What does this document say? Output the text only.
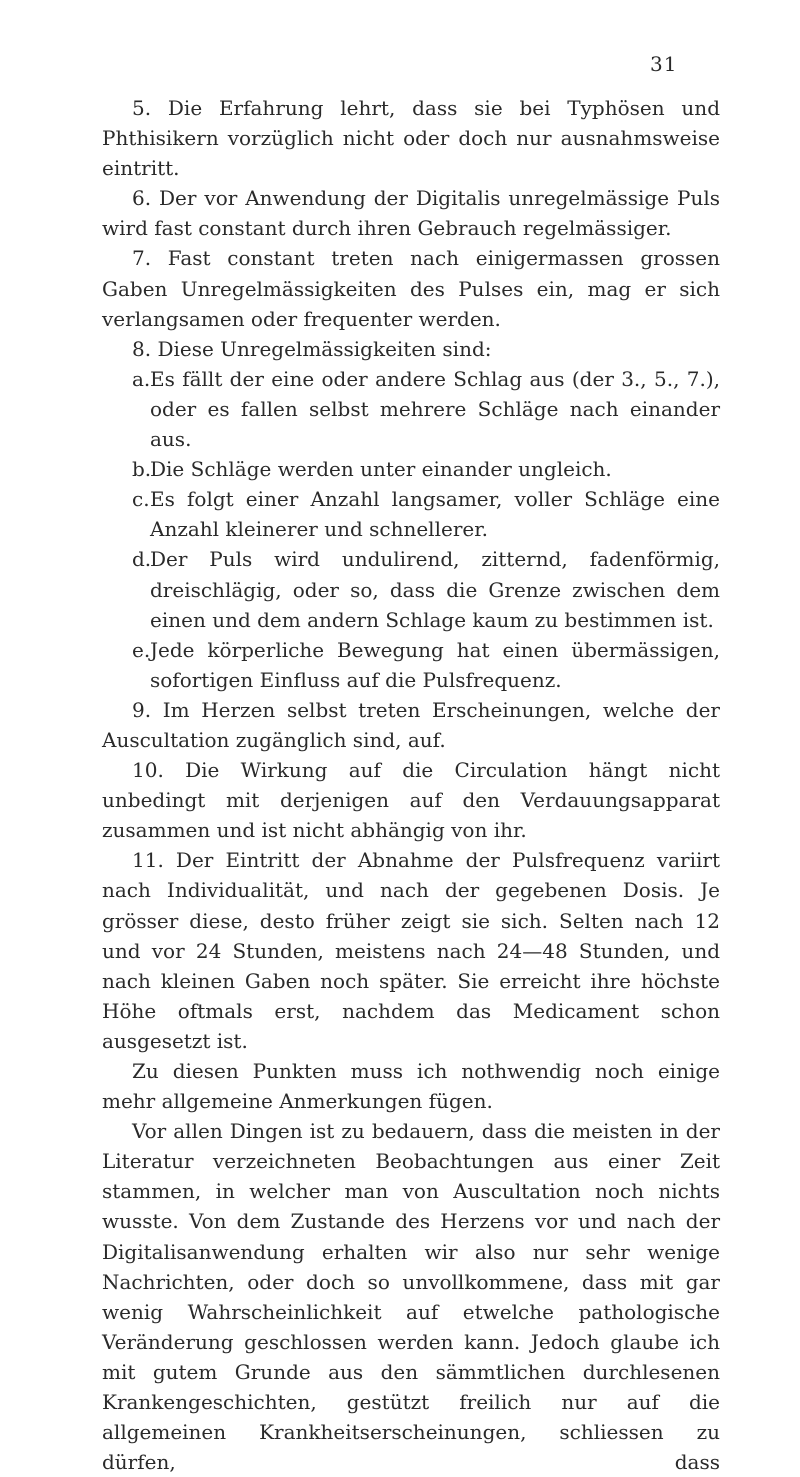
31

5. Die Erfahrung lehrt, dass sie bei Typhösen und Phthisikern vorzüglich nicht oder doch nur ausnahmsweise eintritt.

6. Der vor Anwendung der Digitalis unregelmässige Puls wird fast constant durch ihren Gebrauch regelmässiger.

7. Fast constant treten nach einigermassen grossen Gaben Unregelmässigkeiten des Pulses ein, mag er sich verlangsamen oder frequenter werden.

8. Diese Unregelmässigkeiten sind:

a. Es fällt der eine oder andere Schlag aus (der 3., 5., 7.), oder es fallen selbst mehrere Schläge nach einander aus.

b.
Die Schläge werden unter einander ungleich.

c. Es folgt einer Anzahl langsamer, voller Schläge eine Anzahl kleinerer und schnellerer.

d.
Der Puls wird undulirend, zitternd, fadenförmig, dreischlägig, oder so, dass die Grenze zwischen dem einen und dem andern Schlage kaum zu bestimmen ist.

e. Jede körperliche Bewegung hat einen übermässigen, sofortigen Einfluss auf die Pulsfrequenz.

9. Im Herzen selbst treten Erscheinungen, welche der Auscultation zugänglich sind, auf.

10. Die Wirkung auf die Circulation hängt nicht unbedingt mit derjenigen auf den Verdauungsapparat zusammen und ist nicht abhängig von ihr.

11. Der Eintritt der Abnahme der Pulsfrequenz variirt nach Individualität, und nach der gegebenen Dosis. Je grösser diese, desto früher zeigt sie sich. Selten nach 12 und vor 24 Stunden, meistens nach 24—48 Stunden, und nach kleinen Gaben noch später. Sie erreicht ihre höchste Höhe oftmals erst, nachdem das Medicament schon ausgesetzt ist.

Zu diesen Punkten muss ich nothwendig noch einige mehr allgemeine Anmerkungen fügen.

Vor allen Dingen ist zu bedauern, dass die meisten in der Literatur verzeichneten Beobachtungen aus einer Zeit stammen, in welcher man von Auscultation noch nichts wusste. Von dem Zustande des Herzens vor und nach der Digitalisanwendung erhalten wir also nur sehr wenige Nachrichten, oder doch so unvollkommene, dass mit gar wenig Wahrscheinlichkeit auf etwelche pathologische Veränderung geschlossen werden kann. Jedoch glaube ich mit gutem Grunde aus den sämmtlichen durchlesenen Krankengeschichten, gestützt freilich nur auf die allgemeinen Krankheitserscheinungen, schliessen zu dürfen, dass
